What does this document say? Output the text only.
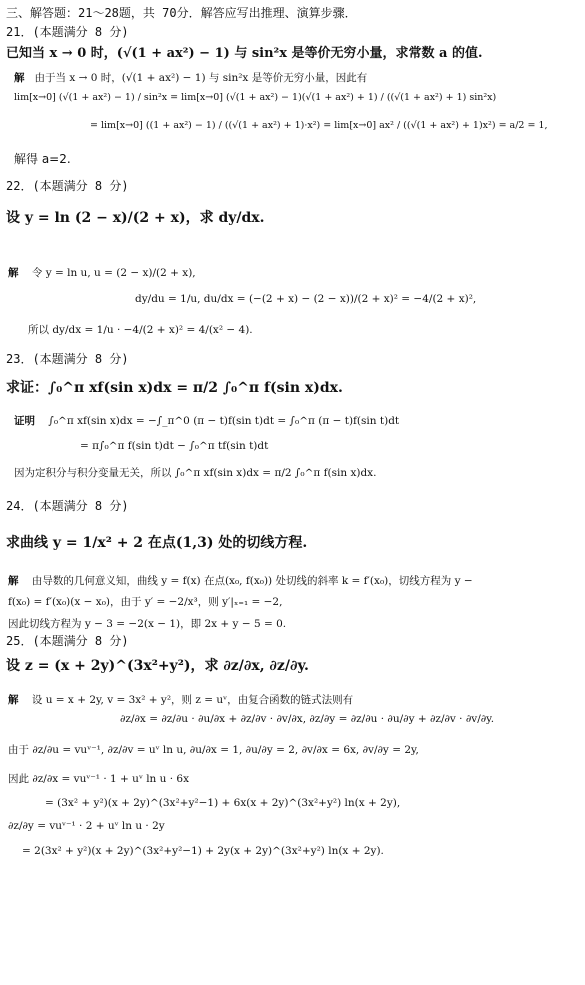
三、解答题：21～28题，共 70分．解答应写出推理、演算步骤．
21．(本题满分 8 分)
已知当 x → 0 时，(√(1 + ax²) − 1) 与 sin²x 是等价无穷小量，求常数 a 的值.
解 由于当 x → 0 时，(√(1 + ax²) − 1) 与 sin²x 是等价无穷小量，因此有
lim[x→0] (√(1 + ax²) − 1) / sin²x = lim[x→0] (√(1 + ax²) − 1)(√(1 + ax²) + 1) / ((√(1 + ax²) + 1) sin²x)
= lim[x→0] ((1 + ax²) − 1) / ((√(1 + ax²) + 1)·x²) = lim[x→0] ax² / ((√(1 + ax²) + 1)x²) = a/2 = 1,
解得 a=2.
22．(本题满分 8 分)
设 y = ln (2 − x)/(2 + x)，求 dy/dx.
解 令 y = ln u, u = (2 − x)/(2 + x),
dy/du = 1/u, du/dx = (−(2 + x) − (2 − x))/(2 + x)² = −4/(2 + x)²,
所以 dy/dx = 1/u · −4/(2 + x)² = 4/(x² − 4).
23．(本题满分 8 分)
求证：∫₀^π xf(sin x)dx = π/2 ∫₀^π f(sin x)dx.
证明 ∫₀^π xf(sin x)dx = −∫_π^0 (π − t)f(sin t)dt = ∫₀^π (π − t)f(sin t)dt
= π∫₀^π f(sin t)dt − ∫₀^π tf(sin t)dt
因为定积分与积分变量无关，所以 ∫₀^π xf(sin x)dx = π/2 ∫₀^π f(sin x)dx.
24．(本题满分 8 分)
求曲线 y = 1/x² + 2 在点(1,3) 处的切线方程.
解 由导数的几何意义知，曲线 y = f(x) 在点(x₀, f(x₀)) 处切线的斜率 k = f′(x₀)，切线方程为 y −
f(x₀) = f′(x₀)(x − x₀)，由于 y′ = −2/x³，则 y′|ₓ₌₁ = −2,
因此切线方程为 y − 3 = −2(x − 1)，即 2x + y − 5 = 0.
25．(本题满分 8 分)
设 z = (x + 2y)^(3x²+y²)，求 ∂z/∂x, ∂z/∂y.
解 设 u = x + 2y, v = 3x² + y²，则 z = uᵛ，由复合函数的链式法则有
∂z/∂x = ∂z/∂u · ∂u/∂x + ∂z/∂v · ∂v/∂x, ∂z/∂y = ∂z/∂u · ∂u/∂y + ∂z/∂v · ∂v/∂y.
由于 ∂z/∂u = vuᵛ⁻¹, ∂z/∂v = uᵛ ln u, ∂u/∂x = 1, ∂u/∂y = 2, ∂v/∂x = 6x, ∂v/∂y = 2y,
因此 ∂z/∂x = vuᵛ⁻¹ · 1 + uᵛ ln u · 6x
= (3x² + y²)(x + 2y)^(3x²+y²−1) + 6x(x + 2y)^(3x²+y²) ln(x + 2y),
∂z/∂y = vuᵛ⁻¹ · 2 + uᵛ ln u · 2y
= 2(3x² + y²)(x + 2y)^(3x²+y²−1) + 2y(x + 2y)^(3x²+y²) ln(x + 2y).
